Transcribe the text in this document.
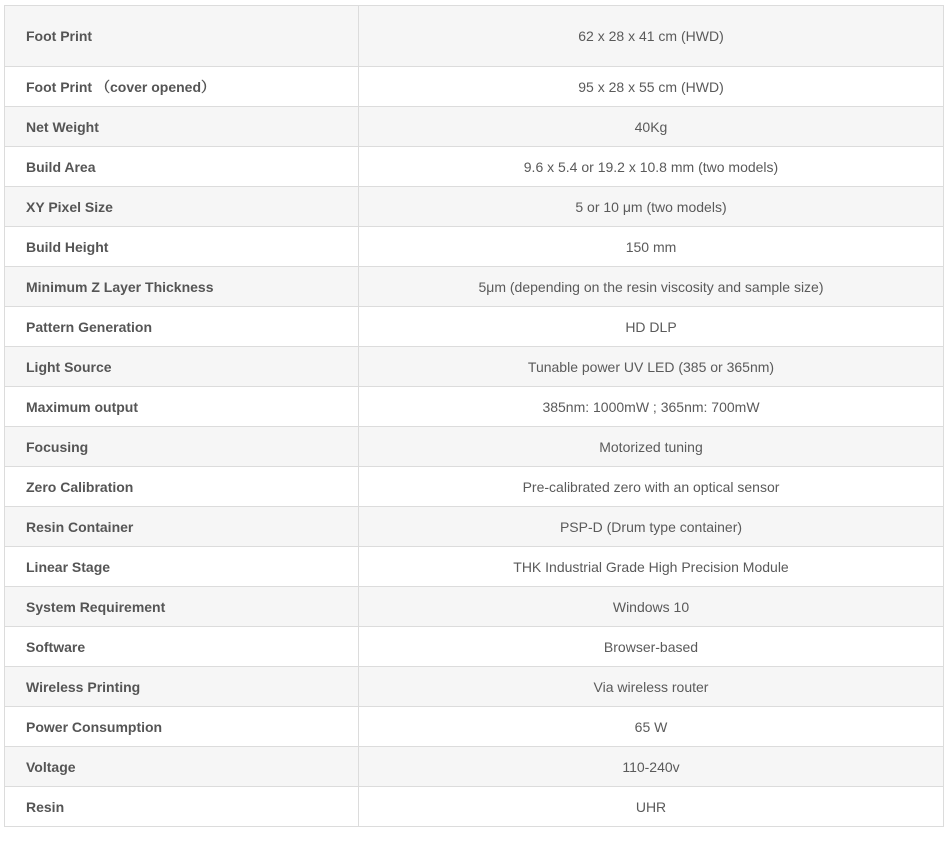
Foot Print	62 x 28 x 41 cm (HWD)
Foot Print （cover opened）	95 x 28 x 55 cm (HWD)
Net Weight	40Kg
Build Area	9.6 x 5.4 or 19.2 x 10.8 mm (two models)
XY Pixel Size	5 or 10 μm (two models)
Build Height	150 mm
Minimum Z Layer Thickness	5μm (depending on the resin viscosity and sample size)
Pattern Generation	HD DLP
Light Source	Tunable power UV LED (385 or 365nm)
Maximum output	385nm: 1000mW ; 365nm: 700mW
Focusing	Motorized tuning
Zero Calibration	Pre-calibrated zero with an optical sensor
Resin Container	PSP-D (Drum type container)
Linear Stage	THK Industrial Grade High Precision Module
System Requirement	Windows 10
Software	Browser-based
Wireless Printing	Via wireless router
Power Consumption	65 W
Voltage	110-240v
Resin	UHR
